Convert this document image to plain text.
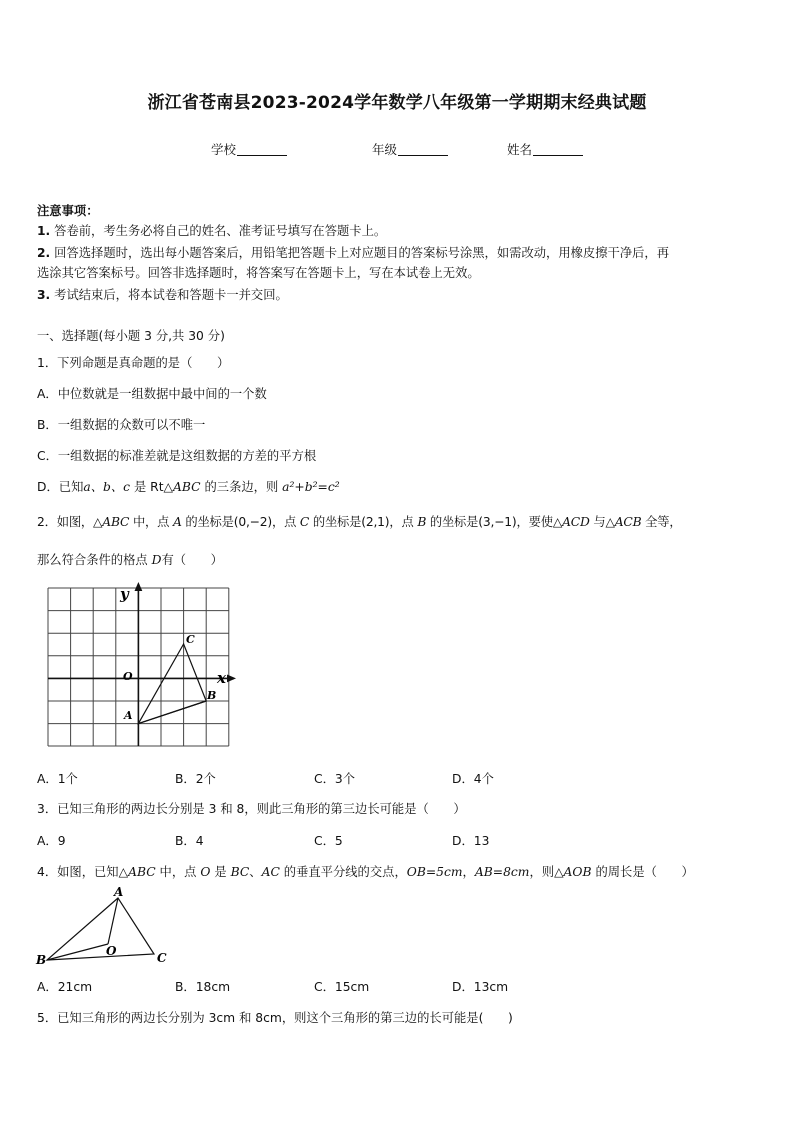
浙江省苍南县2023-2024学年数学八年级第一学期期末经典试题
学校	年级	姓名
注意事项：
1. 答卷前，考生务必将自己的姓名、准考证号填写在答题卡上。
2. 回答选择题时，选出每小题答案后，用铅笔把答题卡上对应题目的答案标号涂黑，如需改动，用橡皮擦干净后，再
选涂其它答案标号。回答非选择题时，将答案写在答题卡上，写在本试卷上无效。
3. 考试结束后，将本试卷和答题卡一并交回。
一、选择题(每小题 3 分,共 30 分)
1．下列命题是真命题的是（　　）
A．中位数就是一组数据中最中间的一个数
B．一组数据的众数可以不唯一
C．一组数据的标准差就是这组数据的方差的平方根
D．已知a、b、c 是 Rt△ABC 的三条边，则 a²+b²=c²
2．如图，△ABC 中，点 A 的坐标是(0,−2)，点 C 的坐标是(2,1)，点 B 的坐标是(3,−1)，要使△ACD 与△ACB 全等，
那么符合条件的格点 D有（　　）
y
x
O
A
B
C
A．1个	B．2个	C．3个	D．4个
3．已知三角形的两边长分别是 3 和 8，则此三角形的第三边长可能是（　　）
A．9	B．4	C．5	D．13
4．如图，已知△ABC 中，点 O 是 BC、AC 的垂直平分线的交点，OB=5cm，AB=8cm，则△AOB 的周长是（　　）
A
B	C
O
A．21cm	B．18cm	C．15cm	D．13cm
5．已知三角形的两边长分别为 3cm 和 8cm，则这个三角形的第三边的长可能是(　　)
